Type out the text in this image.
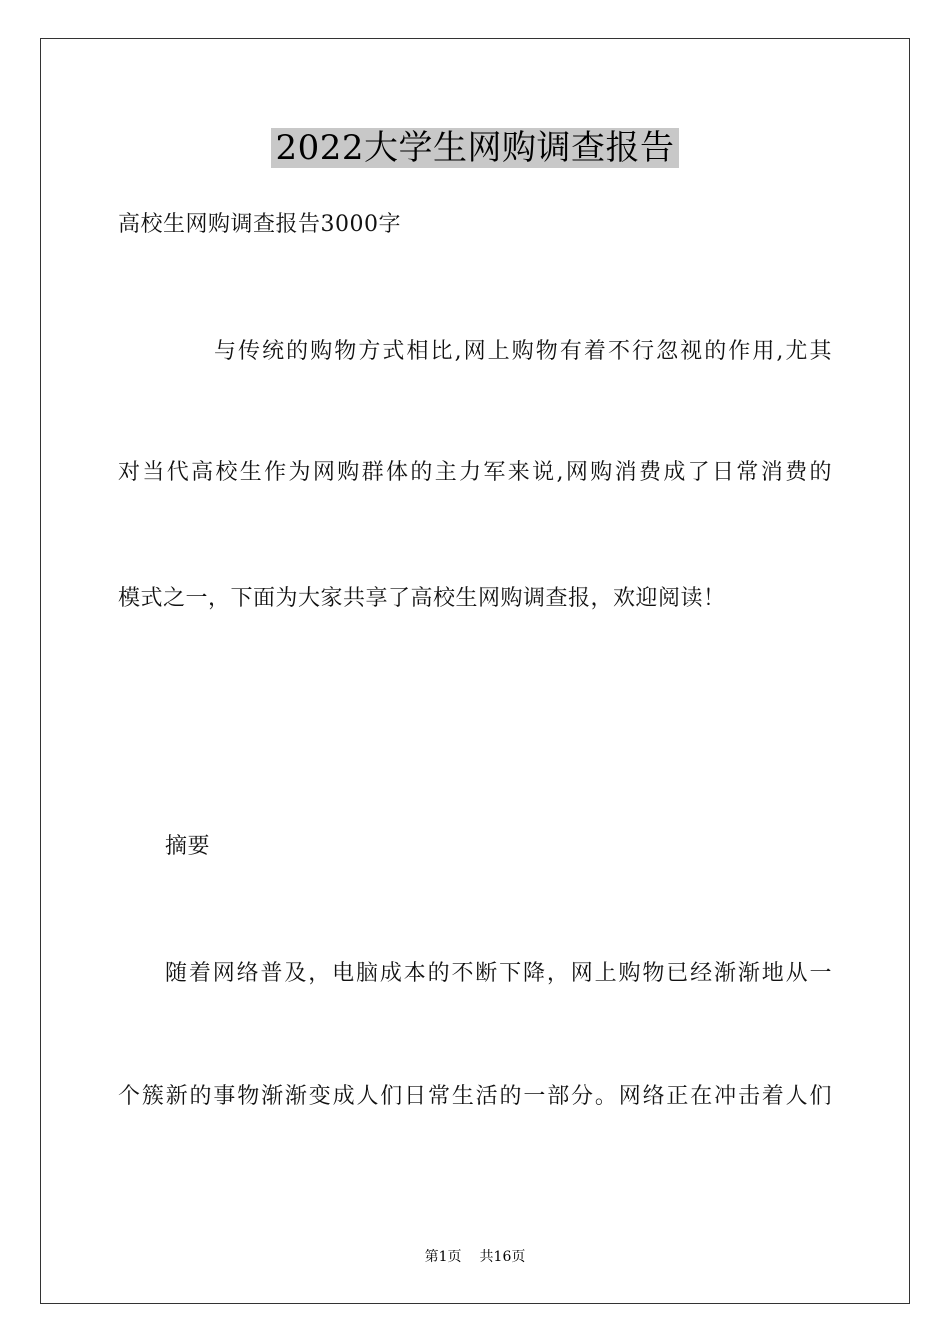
2022大学生网购调查报告
高校生网购调查报告3000字
与传统的购物方式相比,网上购物有着不行忽视的作用,尤其
对当代高校生作为网购群体的主力军来说,网购消费成了日常消费的
模式之一，下面为大家共享了高校生网购调查报，欢迎阅读！
摘要
随着网络普及，电脑成本的不断下降，网上购物已经渐渐地从一
个簇新的事物渐渐变成人们日常生活的一部分。网络正在冲击着人们
第1页 共16页
